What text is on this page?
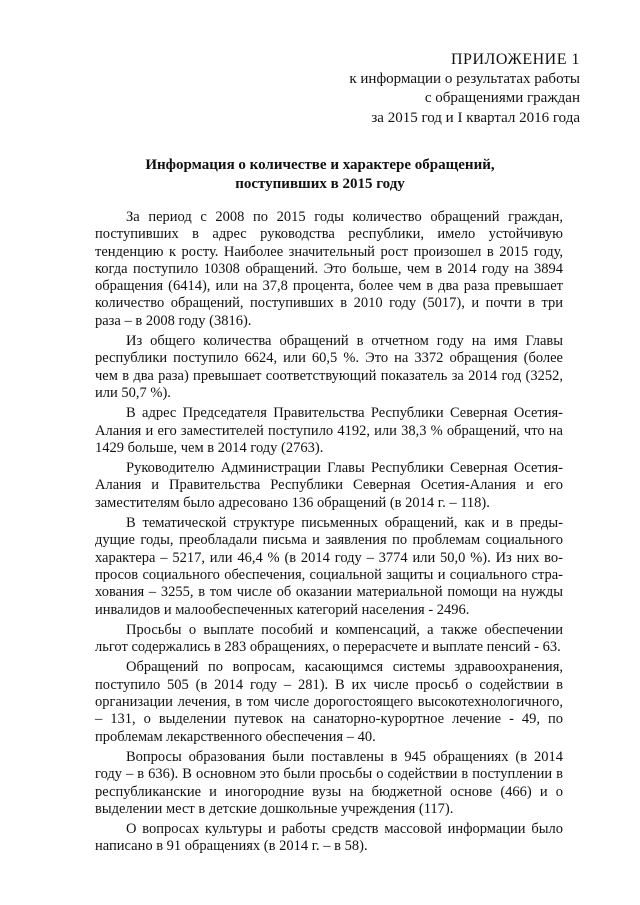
ПРИЛОЖЕНИЕ 1
к информации о результатах работы
с обращениями граждан
за 2015 год и I квартал 2016 года
Информация о количестве и характере обращений,
поступивших в 2015 году
За период с 2008 по 2015 годы количество обращений граждан,
поступивших в адрес руководства республики, имело устойчивую
тенденцию к росту. Наиболее значительный рост произошел в 2015 году,
когда поступило 10308 обращений. Это больше, чем в 2014 году на 3894
обращения (6414), или на 37,8 процента, более чем в два раза превышает
количество обращений, поступивших в 2010 году (5017), и почти в три
раза – в 2008 году (3816).
Из общего количества обращений в отчетном году на имя Главы
республики поступило 6624, или 60,5 %. Это на 3372 обращения (более
чем в два раза) превышает соответствующий показатель за 2014 год (3252,
или 50,7 %).
В адрес Председателя Правительства Республики Северная Осетия-
Алания и его заместителей поступило 4192, или 38,3 % обращений, что на
1429 больше, чем в 2014 году (2763).
Руководителю Администрации Главы Республики Северная Осетия-
Алания и Правительства Республики Северная Осетия-Алания и его
заместителям было адресовано 136 обращений (в 2014 г. – 118).
В тематической структуре письменных обращений, как и в преды-
дущие годы, преобладали письма и заявления по проблемам социального
характера – 5217, или 46,4 % (в 2014 году – 3774 или 50,0 %). Из них во-
просов социального обеспечения, социальной защиты и социального стра-
хования – 3255, в том числе об оказании материальной помощи на нужды
инвалидов и малообеспеченных категорий населения - 2496.
Просьбы о выплате пособий и компенсаций, а также обеспечении
льгот содержались в 283 обращениях, о перерасчете и выплате пенсий - 63.
Обращений по вопросам, касающимся системы здравоохранения,
поступило 505 (в 2014 году – 281). В их числе просьб о содействии в
организации лечения, в том числе дорогостоящего высокотехнологичного,
– 131, о выделении путевок на санаторно-курортное лечение - 49, по
проблемам лекарственного обеспечения – 40.
Вопросы образования были поставлены в 945 обращениях (в 2014
году – в 636). В основном это были просьбы о содействии в поступлении в
республиканские и иногородние вузы на бюджетной основе (466) и о
выделении мест в детские дошкольные учреждения (117).
О вопросах культуры и работы средств массовой информации было
написано в 91 обращениях (в 2014 г. – в 58).
